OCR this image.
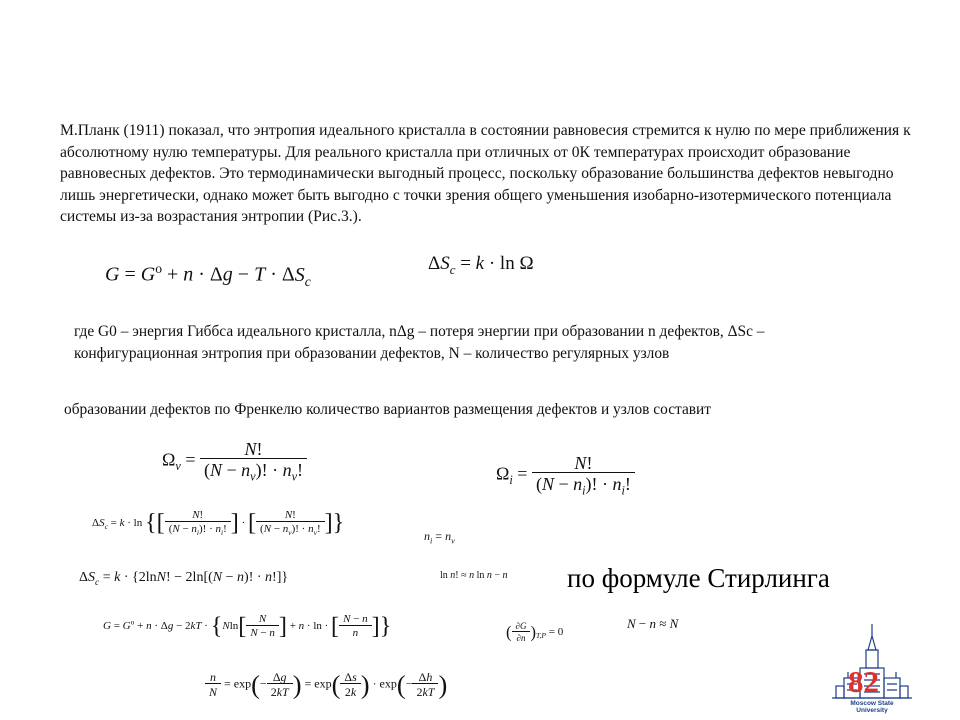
М.Планк (1911) показал, что энтропия идеального кристалла в состоянии равновесия стремится к нулю по мере приближения к абсолютному нулю температуры. Для реального кристалла при отличных от 0К температурах происходит образование равновесных дефектов. Это термодинамически выгодный процесс, поскольку образование большинства дефектов невыгодно лишь энергетически, однако может быть выгодно с точки зрения общего уменьшения изобарно-изотермического потенциала системы из-за возрастания энтропии (Рис.3.).
$G = G^o + n \cdot \Delta g - T \cdot \Delta S_c$
$\Delta S_c = k \cdot \ln \Omega$
где G0 – энергия Гиббса идеального кристалла, nΔg – потеря энергии при образовании n дефектов, ΔSc – конфигурационная энтропия при образовании дефектов, N – количество регулярных узлов
образовании дефектов по Френкелю количество вариантов размещения дефектов и узлов составит
$\Omega_v = \frac{N!}{(N - n_v)! \cdot n_v!}$	$\Omega_i = \frac{N!}{(N - n_i)! \cdot n_i!}$
$\Delta S_c = k \cdot \ln$ {[ $\frac{N!}{(N - n_i)! \cdot n_i!}$ ] · [ $\frac{N!}{(N - n_v)! \cdot n_v!}$ ]}	$n_i = n_v$
$\Delta S_c = k \cdot \{2\ln N$! − 2ln[(N − n)! · n!]}	ln n! ≈ n ln n − n по формуле Стирлинга
$G = G^o + n \cdot \Delta g - 2kT \cdot \{Nln[ \frac{N}{N - n}$ ] + n · ln · [ $\frac{N - n}{n}$ ]}	( $\frac{\partial G}{\partial n} )_{T,P} = 0$
N − n ≈ N
$\frac{n}{N} = \exp(- \frac{\Delta g}{2kT}$ ) = $\exp( \frac{\Delta s}{2k}$ ) · $\exp(- \frac{\Delta h}{2kT}$ )	82
Moscow State
University
